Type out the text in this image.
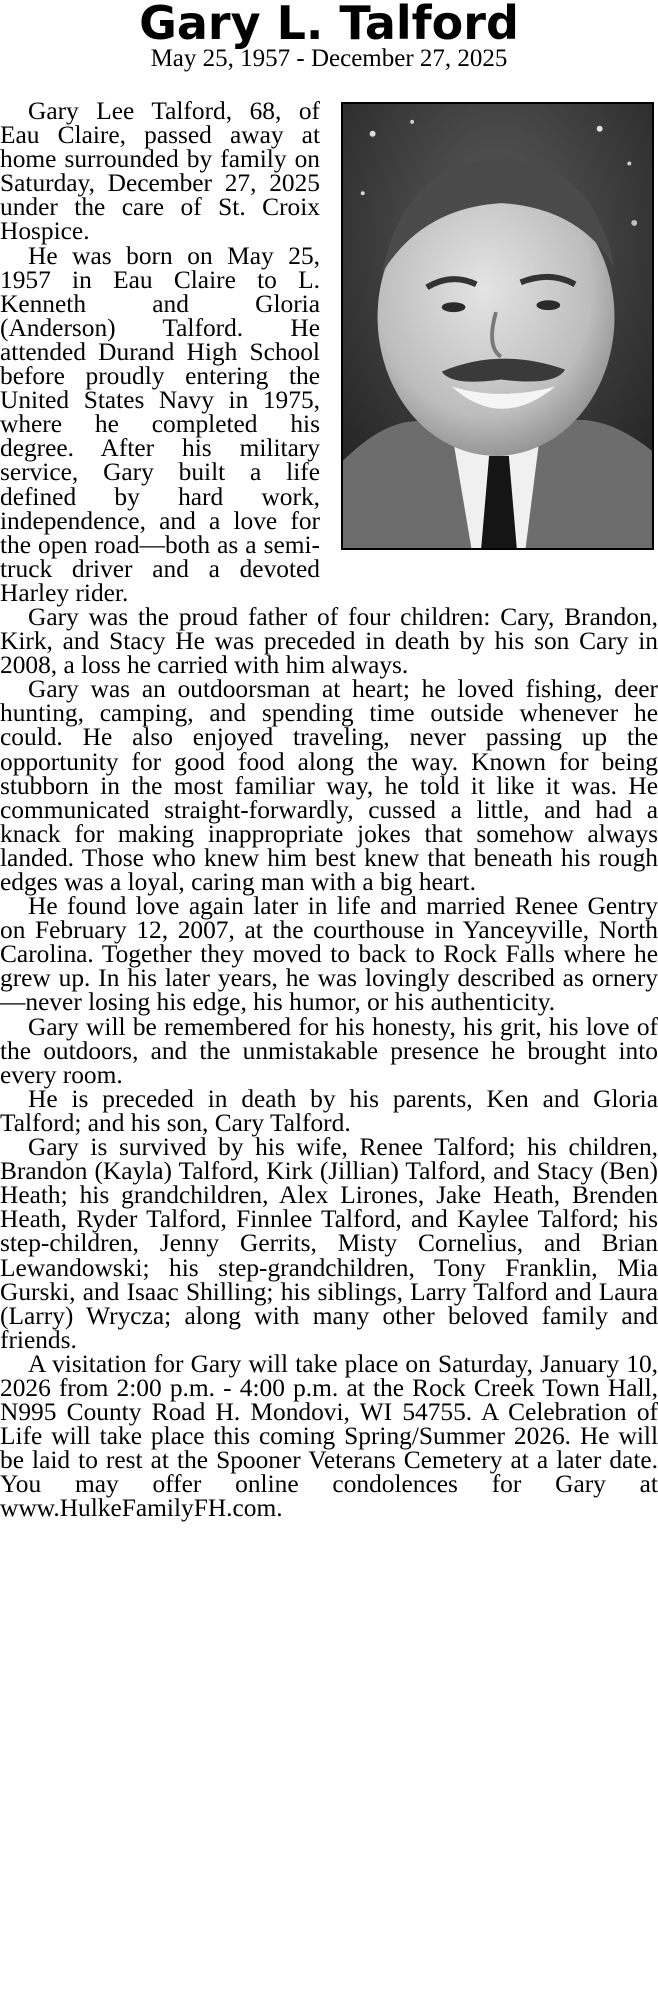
Gary L. Talford
May 25, 1957 - December 27, 2025

Gary Lee Talford, 68, of Eau Claire, passed away at home surrounded by family on Saturday, December 27, 2025 under the care of St. Croix Hospice.

He was born on May 25, 1957 in Eau Claire to L. Kenneth and Gloria (Anderson) Talford. He attended Durand High School before proudly entering the United States Navy in 1975, where he completed his degree. After his military service, Gary built a life defined by hard work, independence, and a love for the open road—both as a semi-truck driver and a devoted Harley rider.

Gary was the proud father of four children: Cary, Brandon, Kirk, and Stacy He was preceded in death by his son Cary in 2008, a loss he carried with him always.

Gary was an outdoorsman at heart; he loved fishing, deer hunting, camping, and spending time outside whenever he could. He also enjoyed traveling, never passing up the opportunity for good food along the way. Known for being stubborn in the most familiar way, he told it like it was. He communicated straight-forwardly, cussed a little, and had a knack for making inappropriate jokes that somehow always landed. Those who knew him best knew that beneath his rough edges was a loyal, caring man with a big heart.

He found love again later in life and married Renee Gentry on February 12, 2007, at the courthouse in Yanceyville, North Carolina. Together they moved to back to Rock Falls where he grew up. In his later years, he was lovingly described as ornery—never losing his edge, his humor, or his authenticity.

Gary will be remembered for his honesty, his grit, his love of the outdoors, and the unmistakable presence he brought into every room.

He is preceded in death by his parents, Ken and Gloria Talford; and his son, Cary Talford.

Gary is survived by his wife, Renee Talford; his children, Brandon (Kayla) Talford, Kirk (Jillian) Talford, and Stacy (Ben) Heath; his grandchildren, Alex Lirones, Jake Heath, Brenden Heath, Ryder Talford, Finnlee Talford, and Kaylee Talford; his step-children, Jenny Gerrits, Misty Cornelius, and Brian Lewandowski; his step-grandchildren, Tony Franklin, Mia Gurski, and Isaac Shilling; his siblings, Larry Talford and Laura (Larry) Wrycza; along with many other beloved family and friends.

A visitation for Gary will take place on Saturday, January 10, 2026 from 2:00 p.m. - 4:00 p.m. at the Rock Creek Town Hall, N995 County Road H. Mondovi, WI 54755. A Celebration of Life will take place this coming Spring/Summer 2026. He will be laid to rest at the Spooner Veterans Cemetery at a later date. You may offer online condolences for Gary at www.HulkeFamilyFH.com.
